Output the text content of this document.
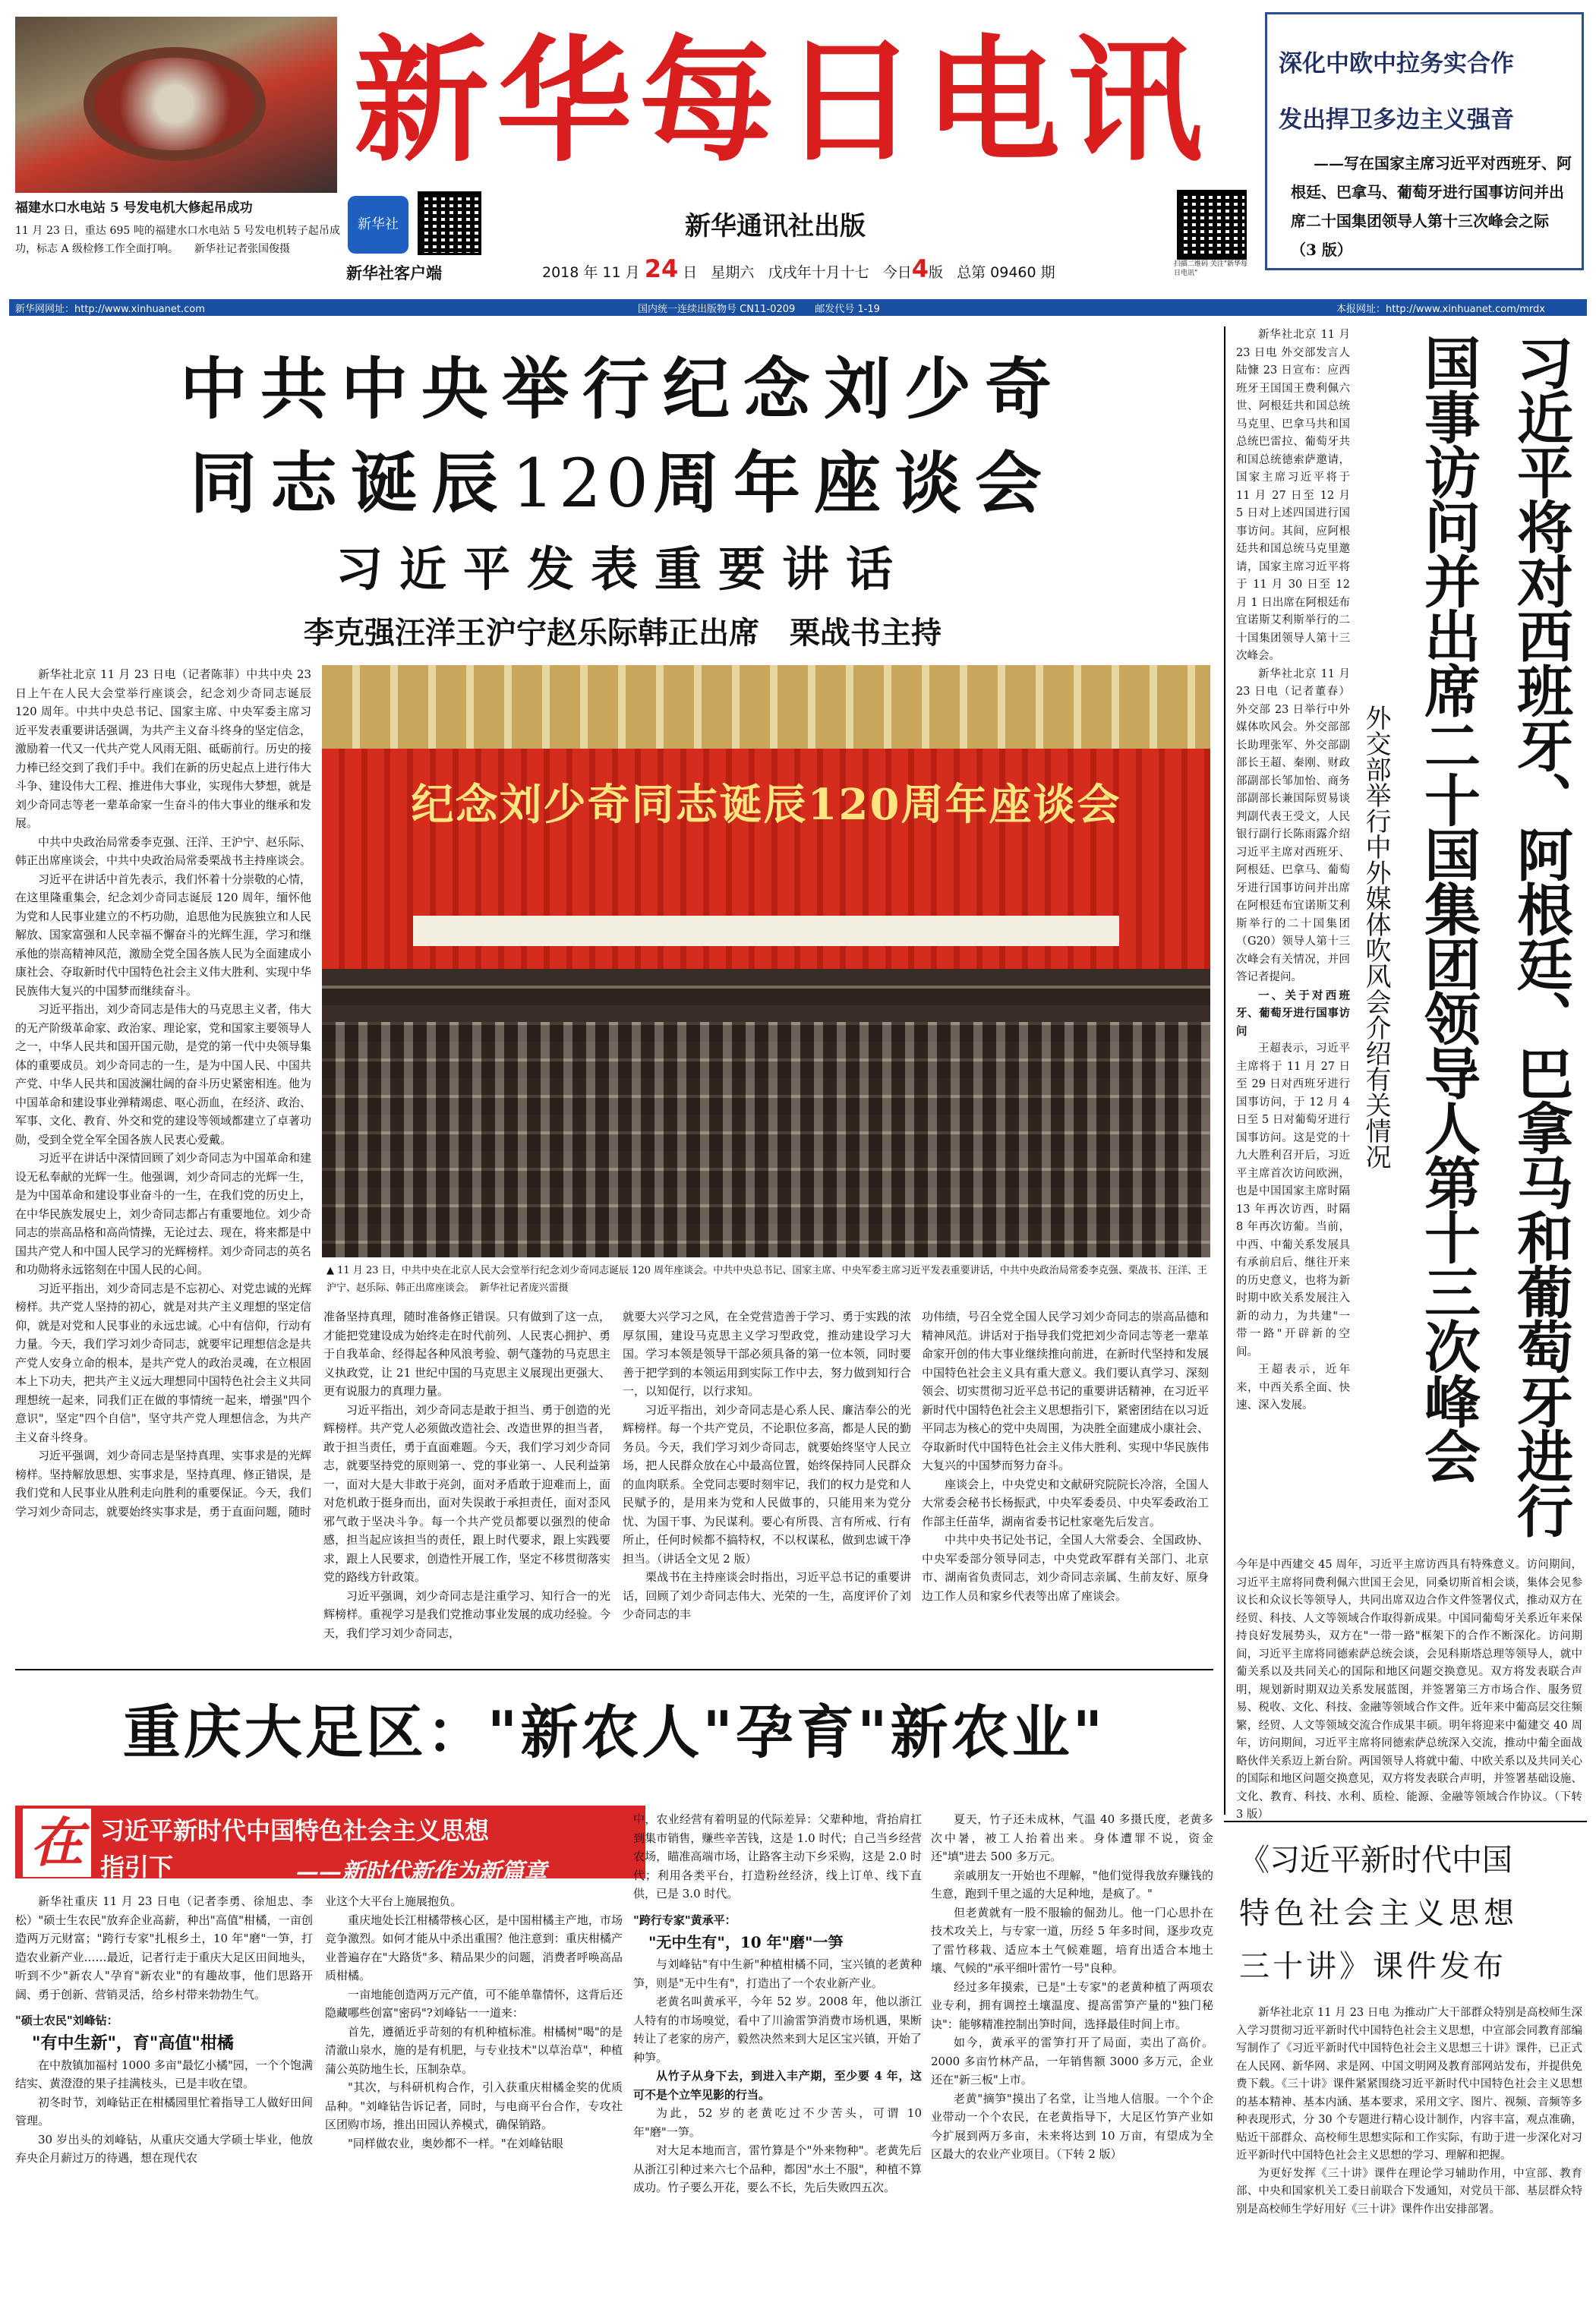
福建水口水电站 5 号发电机大修起吊成功
11 月 23 日，重达 695 吨的福建水口水电站 5 号发电机转子起吊成功，标志 A 级检修工作全面打响。　　新华社记者张国俊摄
新华每日电讯
新华社
新华社客户端
新华通讯社出版
2018 年 11 月 24 日 星期六 戊戌年十月十七 今日4版 总第 09460 期	扫描二维码 关注"新华每日电讯"
深化中欧中拉务实合作
发出捍卫多边主义强音
——写在国家主席习近平对西班牙、阿根廷、巴拿马、葡萄牙进行国事访问并出席二十国集团领导人第十三次峰会之际　（3 版）
新华网网址：http://www.xinhuanet.com	国内统一连续出版物号 CN11-0209　　邮发代号 1-19	本报网址：http://www.xinhuanet.com/mrdx
中共中央举行纪念刘少奇
同志诞辰120周年座谈会
习近平发表重要讲话
李克强汪洋王沪宁赵乐际韩正出席　栗战书主持

新华社北京 11 月 23 日电（记者陈菲）中共中央 23 日上午在人民大会堂举行座谈会，纪念刘少奇同志诞辰 120 周年。中共中央总书记、国家主席、中央军委主席习近平发表重要讲话强调，为共产主义奋斗终身的坚定信念，激励着一代又一代共产党人风雨无阻、砥砺前行。历史的接力棒已经交到了我们手中。我们在新的历史起点上进行伟大斗争、建设伟大工程、推进伟大事业，实现伟大梦想，就是刘少奇同志等老一辈革命家一生奋斗的伟大事业的继承和发展。

中共中央政治局常委李克强、汪洋、王沪宁、赵乐际、韩正出席座谈会，中共中央政治局常委栗战书主持座谈会。

习近平在讲话中首先表示，我们怀着十分崇敬的心情，在这里隆重集会，纪念刘少奇同志诞辰 120 周年，缅怀他为党和人民事业建立的不朽功勋，追思他为民族独立和人民解放、国家富强和人民幸福不懈奋斗的光辉生涯，学习和继承他的崇高精神风范，激励全党全国各族人民为全面建成小康社会、夺取新时代中国特色社会主义伟大胜利、实现中华民族伟大复兴的中国梦而继续奋斗。

习近平指出，刘少奇同志是伟大的马克思主义者，伟大的无产阶级革命家、政治家、理论家，党和国家主要领导人之一，中华人民共和国开国元勋，是党的第一代中央领导集体的重要成员。刘少奇同志的一生，是为中国人民、中国共产党、中华人民共和国波澜壮阔的奋斗历史紧密相连。他为中国革命和建设事业弹精竭虑、呕心沥血，在经济、政治、军事、文化、教育、外交和党的建设等领域都建立了卓著功勋，受到全党全军全国各族人民衷心爱戴。

习近平在讲话中深情回顾了刘少奇同志为中国革命和建设无私奉献的光辉一生。他强调，刘少奇同志的光辉一生，是为中国革命和建设事业奋斗的一生，在我们党的历史上，在中华民族发展史上，刘少奇同志都占有重要地位。刘少奇同志的崇高品格和高尚情操，无论过去、现在，将来都是中国共产党人和中国人民学习的光辉榜样。刘少奇同志的英名和功勋将永远铭刻在中国人民的心间。

习近平指出，刘少奇同志是不忘初心、对党忠诚的光辉榜样。共产党人坚持的初心，就是对共产主义理想的坚定信仰，就是对党和人民事业的永远忠诚。心中有信仰，行动有力量。今天，我们学习刘少奇同志，就要牢记理想信念是共产党人安身立命的根本，是共产党人的政治灵魂，在立根固本上下功夫，把共产主义远大理想同中国特色社会主义共同理想统一起来，同我们正在做的事情统一起来，增强"四个意识"，坚定"四个自信"，坚守共产党人理想信念，为共产主义奋斗终身。

习近平强调，刘少奇同志是坚持真理、实事求是的光辉榜样。坚持解放思想、实事求是，坚持真理、修正错误，是我们党和人民事业从胜利走向胜利的重要保证。今天，我们学习刘少奇同志，就要始终实事求是，勇于直面问题，随时

纪念刘少奇同志诞辰120周年座谈会
▲ 11 月 23 日，中共中央在北京人民大会堂举行纪念刘少奇同志诞辰 120 周年座谈会。中共中央总书记、国家主席、中央军委主席习近平发表重要讲话，中共中央政治局常委李克强、栗战书、汪洋、王沪宁、赵乐际、韩正出席座谈会。　新华社记者庞兴雷摄

准备坚持真理，随时准备修正错误。只有做到了这一点，才能把党建设成为始终走在时代前列、人民衷心拥护、勇于自我革命、经得起各种风浪考验、朝气蓬勃的马克思主义执政党，让 21 世纪中国的马克思主义展现出更强大、更有说服力的真理力量。

习近平指出，刘少奇同志是敢于担当、勇于创造的光辉榜样。共产党人必须做改造社会、改造世界的担当者，敢于担当责任，勇于直面难题。今天，我们学习刘少奇同志，就要坚持党的原则第一、党的事业第一、人民利益第一，面对大是大非敢于亮剑，面对矛盾敢于迎难而上，面对危机敢于挺身而出，面对失误敢于承担责任，面对歪风邪气敢于坚决斗争。每一个共产党员都要以强烈的使命感，担当起应该担当的责任，跟上时代要求，跟上实践要求，跟上人民要求，创造性开展工作，坚定不移贯彻落实党的路线方针政策。

习近平强调，刘少奇同志是注重学习、知行合一的光辉榜样。重视学习是我们党推动事业发展的成功经验。今天，我们学习刘少奇同志，

就要大兴学习之风，在全党营造善于学习、勇于实践的浓厚氛围，建设马克思主义学习型政党，推动建设学习大国。学习本领是领导干部必须具备的第一位本领，同时要善于把学到的本领运用到实际工作中去，努力做到知行合一，以知促行，以行求知。

习近平指出，刘少奇同志是心系人民、廉洁奉公的光辉榜样。每一个共产党员，不论职位多高，都是人民的勤务员。今天，我们学习刘少奇同志，就要始终坚守人民立场，把人民群众放在心中最高位置，始终保持同人民群众的血肉联系。全党同志要时刻牢记，我们的权力是党和人民赋予的，是用来为党和人民做事的，只能用来为党分忧、为国干事、为民谋利。要心有所畏、言有所戒、行有所止，任何时候都不搞特权，不以权谋私，做到忠诚干净担当。（讲话全文见 2 版）

栗战书在主持座谈会时指出，习近平总书记的重要讲话，回顾了刘少奇同志伟大、光荣的一生，高度评价了刘少奇同志的丰

功伟绩，号召全党全国人民学习刘少奇同志的崇高品德和精神风范。讲话对于指导我们党把刘少奇同志等老一辈革命家开创的伟大事业继续推向前进，在新时代坚持和发展中国特色社会主义具有重大意义。我们要认真学习、深刻领会、切实贯彻习近平总书记的重要讲话精神，在习近平新时代中国特色社会主义思想指引下，紧密团结在以习近平同志为核心的党中央周围，为决胜全面建成小康社会、夺取新时代中国特色社会主义伟大胜利、实现中华民族伟大复兴的中国梦而努力奋斗。

座谈会上，中央党史和文献研究院院长冷溶，全国人大常委会秘书长杨振武，中央军委委员、中央军委政治工作部主任苗华，湖南省委书记杜家毫先后发言。

中共中央书记处书记，全国人大常委会、全国政协、中央军委部分领导同志，中央党政军群有关部门、北京市、湖南省负责同志，刘少奇同志亲属、生前友好、原身边工作人员和家乡代表等出席了座谈会。

新华社北京 11 月 23 日电 外交部发言人陆慷 23 日宣布：应西班牙王国国王费利佩六世、阿根廷共和国总统马克里、巴拿马共和国总统巴雷拉、葡萄牙共和国总统德索萨邀请，国家主席习近平将于 11 月 27 日至 12 月 5 日对上述四国进行国事访问。其间，应阿根廷共和国总统马克里邀请，国家主席习近平将于 11 月 30 日至 12 月 1 日出席在阿根廷布宜诺斯艾利斯举行的二十国集团领导人第十三次峰会。

新华社北京 11 月 23 日电（记者董春）外交部 23 日举行中外媒体吹风会。外交部部长助理张军、外交部副部长王超、秦刚、财政部副部长邹加怡、商务部副部长兼国际贸易谈判副代表王受文，人民银行副行长陈雨露介绍习近平主席对西班牙、阿根廷、巴拿马、葡萄牙进行国事访问并出席在阿根廷布宜诺斯艾利斯举行的二十国集团（G20）领导人第十三次峰会有关情况，并回答记者提问。

一、关于对西班牙、葡萄牙进行国事访问

王超表示，习近平主席将于 11 月 27 日至 29 日对西班牙进行国事访问，于 12 月 4 日至 5 日对葡萄牙进行国事访问。这是党的十九大胜利召开后，习近平主席首次访问欧洲，也是中国国家主席时隔 13 年再次访西，时隔 8 年再次访葡。当前，中西、中葡关系发展具有承前启后、继往开来的历史意义，也将为新时期中欧关系发展注入新的动力，为共建"一带一路"开辟新的空间。

王超表示，近年来，中西关系全面、快速、深入发展。

外交部举行中外媒体吹风会介绍有关情况	习近平将对西班牙、阿根廷、巴拿马和葡萄牙进行国事访问并出席二十国集团领导人第十三次峰会
今年是中西建交 45 周年，习近平主席访西具有特殊意义。访问期间，习近平主席将同费利佩六世国王会见，同桑切斯首相会谈，集体会见参议长和众议长等领导人，共同出席双边合作文件签署仪式，推动双方在经贸、科技、人文等领域合作取得新成果。中国同葡萄牙关系近年来保持良好发展势头，双方在"一带一路"框架下的合作不断深化。访问期间，习近平主席将同德索萨总统会谈，会见科斯塔总理等领导人，就中葡关系以及共同关心的国际和地区问题交换意见。双方将发表联合声明，规划新时期双边关系发展蓝图，并签署第三方市场合作、服务贸易、税收、文化、科技、金融等领域合作文件。近年来中葡高层交往频繁，经贸、人文等领域交流合作成果丰硕。明年将迎来中葡建交 40 周年，访问期间，习近平主席将同德索萨总统深入交流，推动中葡全面战略伙伴关系迈上新台阶。两国领导人将就中葡、中欧关系以及共同关心的国际和地区问题交换意见，双方将发表联合声明，并签署基础设施、文化、教育、科技、水利、质检、能源、金融等领域合作协议。（下转 3 版）
重庆大足区："新农人"孕育"新农业"
在 习近平新时代中国特色社会主义思想
指引下	——新时代新作为新篇章

新华社重庆 11 月 23 日电（记者李勇、徐旭忠、李松）"硕士生农民"放弃企业高薪，种出"高值"柑橘，一亩创造两万元财富；"跨行专家"扎根乡土，10 年"磨"一笋，打造农业新产业……最近，记者行走于重庆大足区田间地头，听到不少"新农人"孕育"新农业"的有趣故事，他们思路开阔、勇于创新、营销灵活，给乡村带来勃勃生气。

"硕士农民"刘峰钻：

"有中生新"，育"高值"柑橘

在中敖镇加福村 1000 多亩"最忆小橘"园，一个个饱满结实、黄澄澄的果子挂满枝头，已是丰收在望。

初冬时节，刘峰钻正在柑橘园里忙着指导工人做好田间管理。

30 岁出头的刘峰钻，从重庆交通大学硕士毕业，他放弃央企月薪过万的待遇，想在现代农

业这个大平台上施展抱负。

重庆地处长江柑橘带核心区，是中国柑橘主产地，市场竞争激烈。如何才能从中杀出重围？他注意到：重庆柑橘产业普遍存在"大路货"多、精品果少的问题，消费者呼唤高品质柑橘。

一亩地能创造两万元产值，可不能单靠情怀，这背后还隐藏哪些创富"密码"?刘峰钻一一道来：

首先，遵循近乎苛刻的有机种植标准。柑橘树"喝"的是清澈山泉水，施的是有机肥，与专业技术"以草治草"，种植蒲公英防地生长，压制杂草。

"其次，与科研机构合作，引入获重庆柑橘金奖的优质品种。"刘峰钻告诉记者，同时，与电商平台合作，专攻社区团购市场，推出田园认养模式，确保销路。

"同样做农业，奥妙都不一样。"在刘峰钻眼

中，农业经营有着明显的代际差异：父辈种地，背抬肩扛到集市销售，赚些辛苦钱，这是 1.0 时代；自己当乡经营农场，瞄准高端市场，让路客主动下乡采购，这是 2.0 时代；利用各类平台，打造粉丝经济，线上订单、线下直供，已是 3.0 时代。

"跨行专家"黄承平：

"无中生有"，10 年"磨"一笋

与刘峰钻"有中生新"种植柑橘不同，宝兴镇的老黄种笋，则是"无中生有"，打造出了一个农业新产业。

老黄名叫黄承平，今年 52 岁。2008 年，他以浙江人特有的市场嗅觉，看中了川渝雷笋消费市场机遇，果断转让了老家的房产，毅然决然来到大足区宝兴镇，开始了种笋。

从竹子从身下去，到进入丰产期，至少要 4 年，这可不是个立竿见影的行当。

为此，52 岁的老黄吃过不少苦头，可谓 10 年"磨"一笋。

对大足本地而言，雷竹算是个"外来物种"。老黄先后从浙江引种过来六七个品种，都因"水土不服"，种植不算成功。竹子要么开花，要么不长，先后失败四五次。

夏天，竹子还未成林，气温 40 多摄氏度，老黄多次中暑，被工人抬着出来。身体遭罪不说，资金还"填"进去 500 多万元。

亲戚朋友一开始也不理解，"他们觉得我放弃赚钱的生意，跑到千里之遥的大足种地，是疯了。"

但老黄就有一股不服输的倔劲儿。他一门心思扑在技术攻关上，与专家一道，历经 5 年多时间，逐步攻克了雷竹移栽、适应本土气候难题，培育出适合本地土壤、气候的"承平细叶雷竹一号"良种。

经过多年摸索，已是"土专家"的老黄种植了两项农业专利，拥有调控土壤温度、提高雷笋产量的"独门秘诀"：能够精准控制出笋时间，选择最佳时间上市。

如今，黄承平的雷笋打开了局面，卖出了高价。2000 多亩竹林产品，一年销售额 3000 多万元，企业还在"新三板"上市。

老黄"摘笋"摸出了名堂，让当地人信服。一个个企业带动一个个农民，在老黄指导下，大足区竹笋产业如今扩展到两万多亩，未来将达到 10 万亩，有望成为全区最大的农业产业项目。（下转 2 版）

《习近平新时代中国
特色社会主义思想
三十讲》课件发布

新华社北京 11 月 23 日电 为推动广大干部群众特别是高校师生深入学习贯彻习近平新时代中国特色社会主义思想，中宣部会同教育部编写制作了《习近平新时代中国特色社会主义思想三十讲》课件，已正式在人民网、新华网、求是网、中国文明网及教育部网站发布，并提供免费下载。《三十讲》课件紧紧围绕习近平新时代中国特色社会主义思想的基本精神、基本内涵、基本要求，采用文字、图片、视频、音频等多种表现形式，分 30 个专题进行精心设计制作，内容丰富，观点准确，贴近干部群众、高校师生思想实际和工作实际，有助于进一步深化对习近平新时代中国特色社会主义思想的学习、理解和把握。

为更好发挥《三十讲》课件在理论学习辅助作用，中宣部、教育部、中央和国家机关工委日前联合下发通知，对党员干部、基层群众特别是高校师生学好用好《三十讲》课件作出安排部署。
